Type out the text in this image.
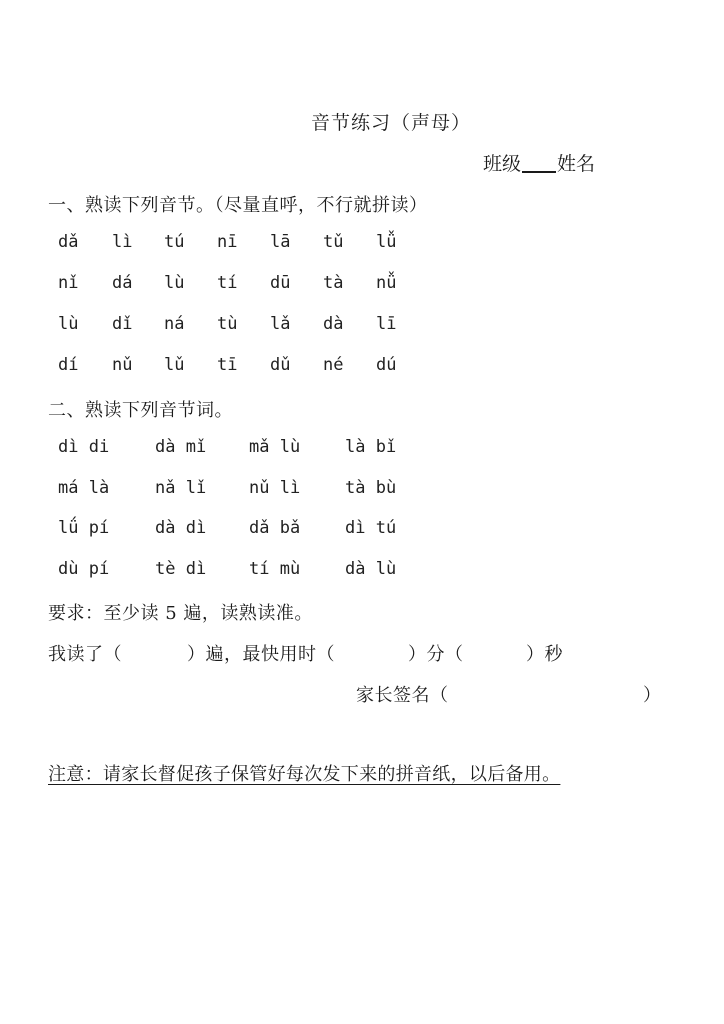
音节练习（声母）
班级 姓名
一、熟读下列音节。（尽量直呼，不行就拼读）
dǎ lì tú nī lā tǔ lǚ
nǐ dá lù tí dū tà nǚ
lù dǐ ná tù lǎ dà lī
dí nǔ lǔ tī dǔ né dú
二、熟读下列音节词。
dì di	dà mǐ	mǎ lù	là bǐ
má là	nǎ lǐ	nǔ lì	tà bù
lǘ pí	dà dì	dǎ bǎ	dì tú
dù pí	tè dì	tí mù	dà lù
要求：至少读 5 遍，读熟读准。
我读了（	）遍，最快用时（	）分（	）秒
家长签名（	）
注意：请家长督促孩子保管好每次发下来的拼音纸，以后备用。
